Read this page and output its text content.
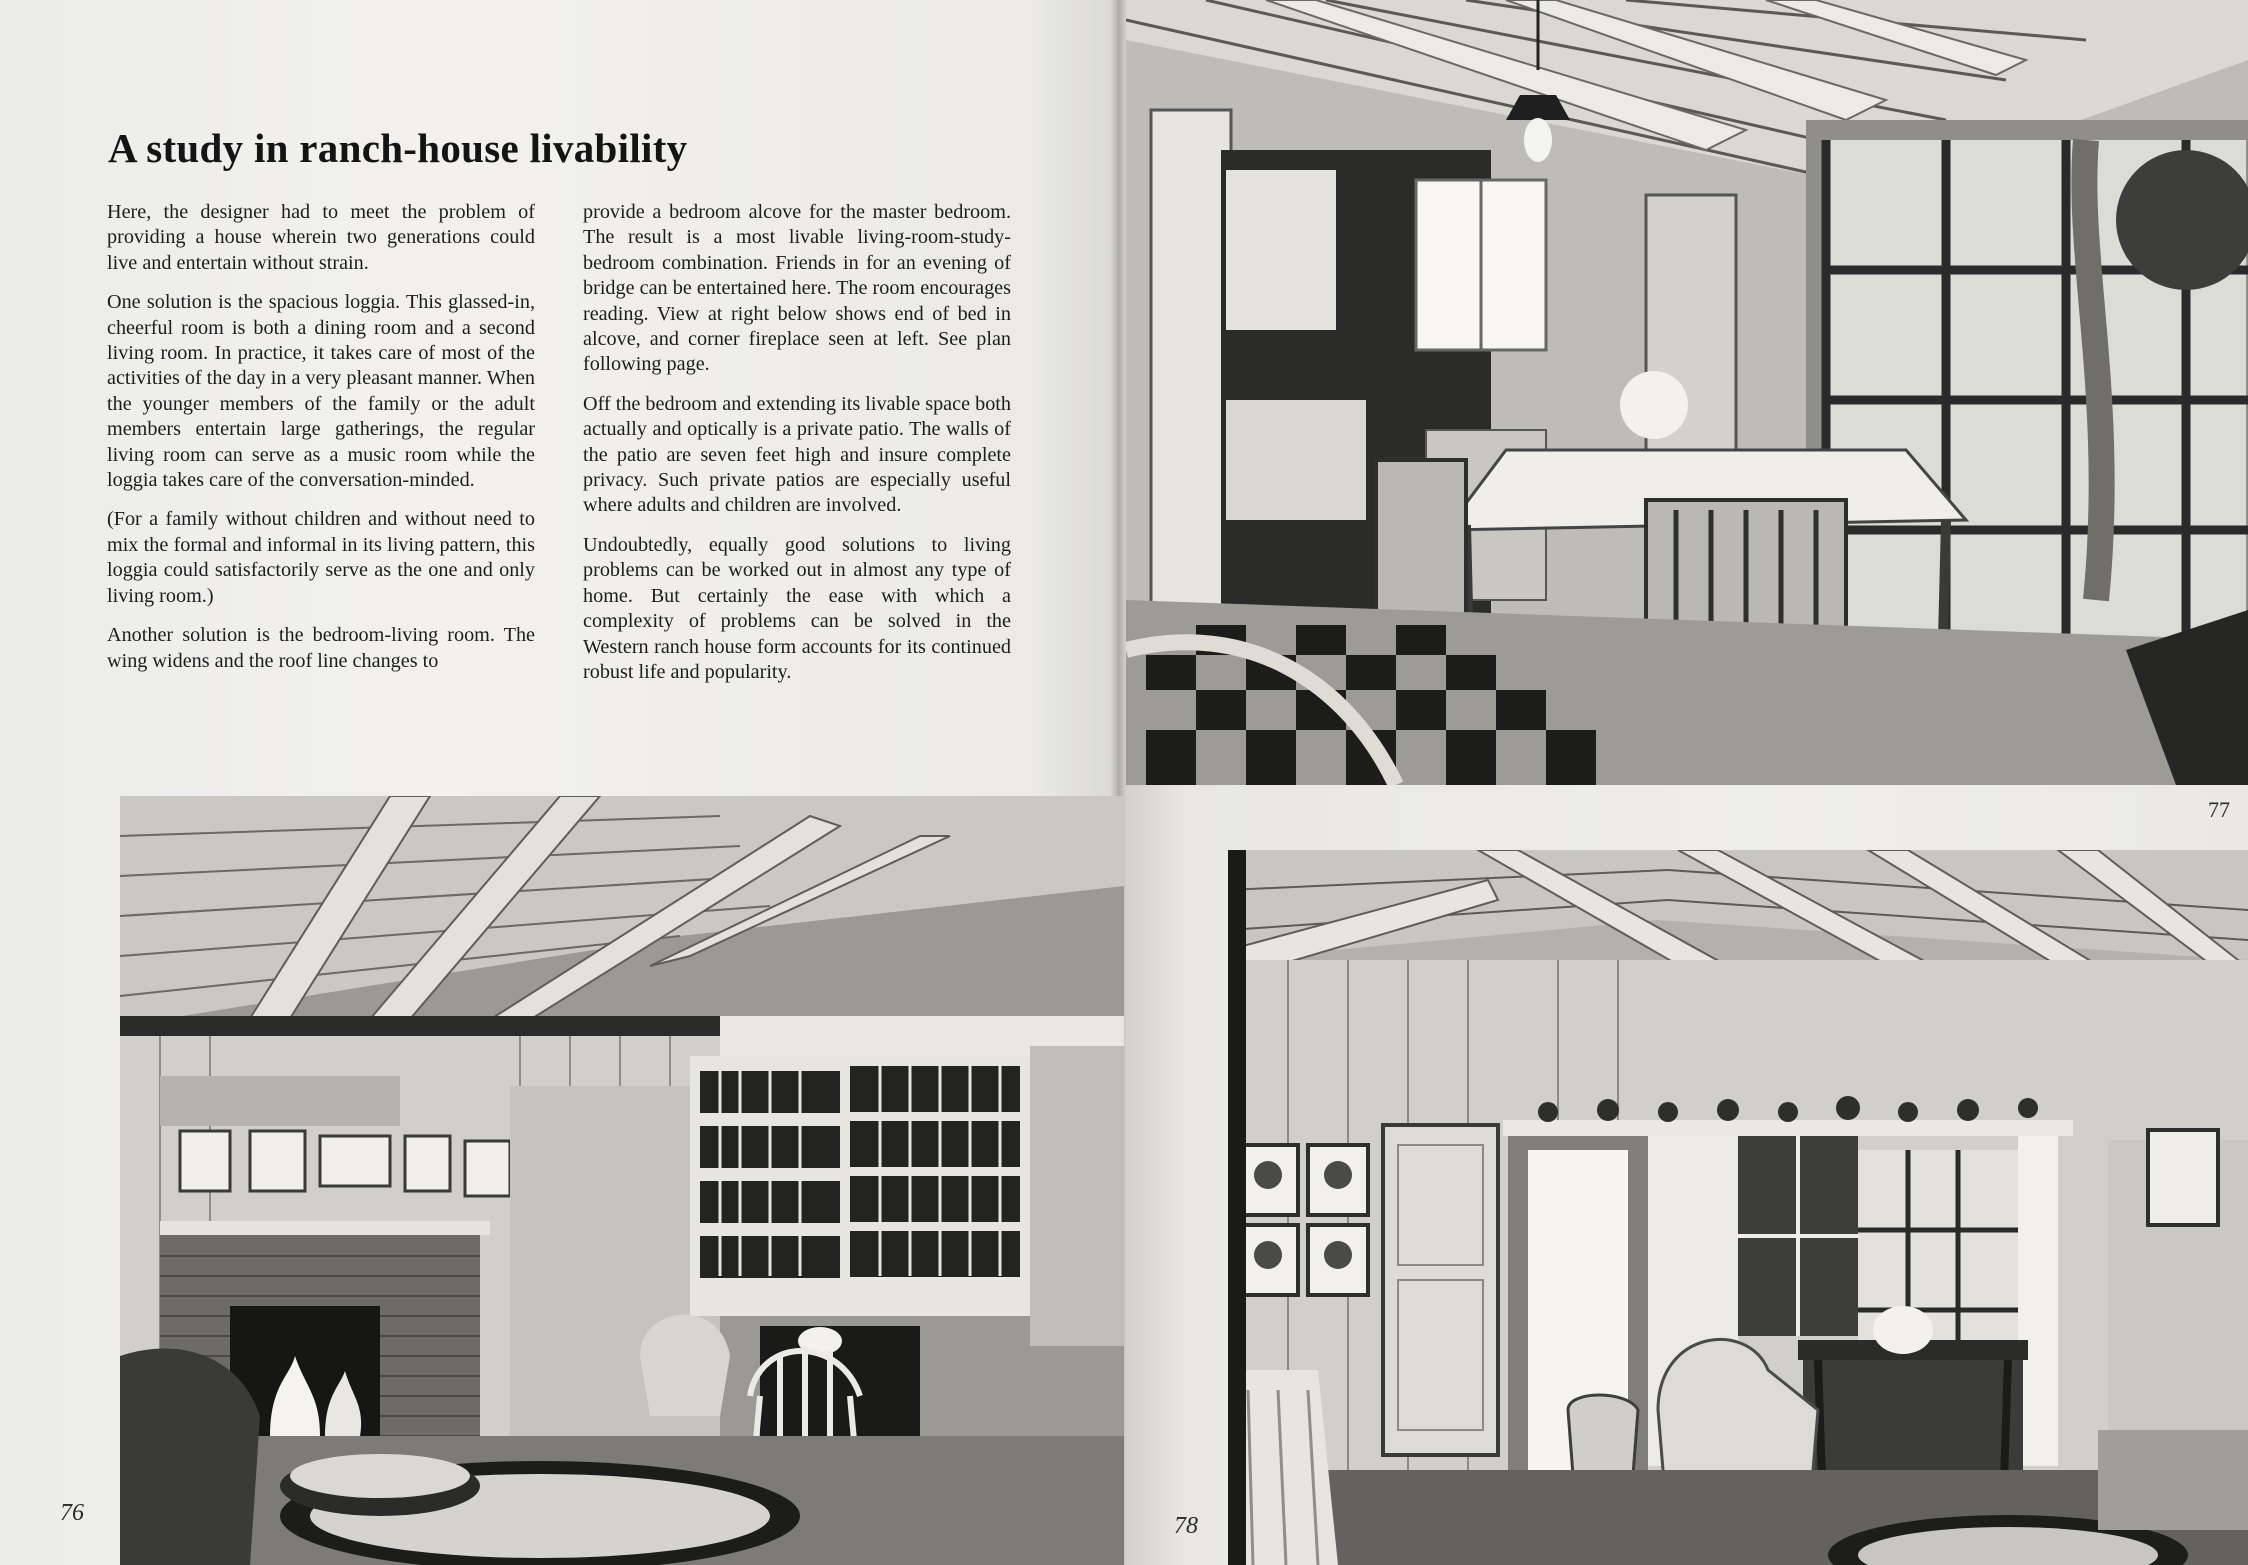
A study in ranch-house livability

Here, the designer had to meet the problem of providing a house wherein two generations could live and entertain without strain.

One solution is the spacious loggia. This glassed-in, cheerful room is both a dining room and a second living room. In practice, it takes care of most of the activities of the day in a very pleasant manner. When the younger members of the family or the adult members entertain large gatherings, the regular living room can serve as a music room while the loggia takes care of the conversation-minded.

(For a family without children and without need to mix the formal and informal in its living pattern, this loggia could satisfactorily serve as the one and only living room.)

Another solution is the bedroom-living room. The wing widens and the roof line changes to

provide a bedroom alcove for the master bedroom. The result is a most livable living-room-study-bedroom combination. Friends in for an evening of bridge can be entertained here. The room encourages reading. View at right below shows end of bed in alcove, and corner fireplace seen at left. See plan following page.

Off the bedroom and extending its livable space both actually and optically is a private patio. The walls of the patio are seven feet high and insure complete privacy. Such private patios are especially useful where adults and children are involved.

Undoubtedly, equally good solutions to living problems can be worked out in almost any type of home. But certainly the ease with which a complexity of problems can be solved in the Western ranch house form accounts for its continued robust life and popularity.

76
77
78
